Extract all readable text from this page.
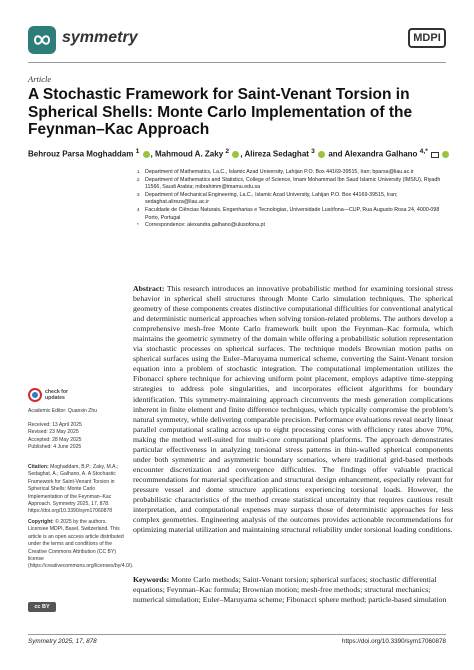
symmetry	MDPI
Article
A Stochastic Framework for Saint-Venant Torsion in Spherical Shells: Monte Carlo Implementation of the Feynman–Kac Approach
Behrouz Parsa Moghaddam $^1$ , Mahmoud A. Zaky $^2$ , Alireza Sedaghat $^3$ and Alexandra Galhano $^{4,*}$
1 Department of Mathematics, La.C., Islamic Azad University, Lahijan P.O. Box 44169-39515, Iran; bparsa@liau.ac.ir
2 Department of Mathematics and Statistics, College of Science, Imam Mohammad Ibn Saud Islamic University (IMSIU), Riyadh 11566, Saudi Arabia; mibrahimm@imamu.edu.sa
3 Department of Mechanical Engineering, La.C., Islamic Azad University, Lahijan P.O. Box 44169-39515, Iran; sedaghat.alireza@liau.ac.ir
4 Faculdade de Ciências Naturais, Engenharias e Tecnologias, Universidade Lusófona—CUP, Rua Augusto Rosa 24, 4000-098 Porto, Portugal
* Correspondence: alexandra.galhano@ulusofona.pt
Abstract: This research introduces an innovative probabilistic method for examining torsional stress behavior in spherical shell structures through Monte Carlo simulation techniques. The spherical geometry of these components creates distinctive computational difficulties for conventional analytical and deterministic numerical approaches when solving torsion-related problems. The authors develop a comprehensive mesh-free Monte Carlo framework built upon the Feynman–Kac formula, which maintains the geometric symmetry of the domain while offering a probabilistic solution representation via stochastic processes on spherical surfaces. The technique models Brownian motion paths on spherical surfaces using the Euler–Maruyama numerical scheme, converting the Saint-Venant torsion equation into a problem of stochastic integration. The computational implementation utilizes the Fibonacci sphere technique for achieving uniform point placement, employs adaptive time-stepping strategies to address pole singularities, and incorporates efficient algorithms for boundary identification. This symmetry-maintaining approach circumvents the mesh generation complications inherent in finite element and finite difference techniques, which typically compromise the problem’s natural symmetry, while delivering comparable precision. Performance evaluations reveal nearly linear parallel computational scaling across up to eight processing cores with efficiency rates above 70%, making the method well-suited for multi-core computational platforms. The approach demonstrates particular effectiveness in analyzing torsional stress patterns in thin-walled spherical components under both symmetric and asymmetric boundary scenarios, where traditional grid-based methods encounter discretization and convergence difficulties. The findings offer valuable practical recommendations for material specification and structural design enhancement, especially relevant for pressure vessel and dome structure applications experiencing torsional loads. However, the probabilistic characteristics of the method create statistical uncertainty that requires cautious result interpretation, and computational expenses may surpass those of deterministic approaches for less complex geometries. Engineering analysis of the outcomes provides actionable recommendations for optimizing material utilization and maintaining structural reliability under torsional loading conditions.
Keywords: Monte Carlo methods; Saint-Venant torsion; spherical surfaces; stochastic differential equations; Feynman–Kac formula; Brownian motion; mesh-free methods; structural mechanics; numerical simulation; Euler–Maruyama scheme; Fibonacci sphere method; particle-based simulation
check for
updates
Academic Editor: Quanxin Zhu
Received: 13 April 2025
Revised: 23 May 2025
Accepted: 28 May 2025
Published: 4 June 2025
Citation: Moghaddam, B.P.; Zaky, M.A.; Sedaghat, A.; Galhano, A. A Stochastic Framework for Saint-Venant Torsion in Spherical Shells: Monte Carlo Implementation of the Feynman–Kac Approach. Symmetry 2025, 17, 878. https://doi.org/10.3390/sym17060878
Copyright: © 2025 by the authors. Licensee MDPI, Basel, Switzerland. This article is an open access article distributed under the terms and conditions of the Creative Commons Attribution (CC BY) license (https://creativecommons.org/licenses/by/4.0/).
cc BY
Symmetry 2025, 17, 878	https://doi.org/10.3390/sym17060878
